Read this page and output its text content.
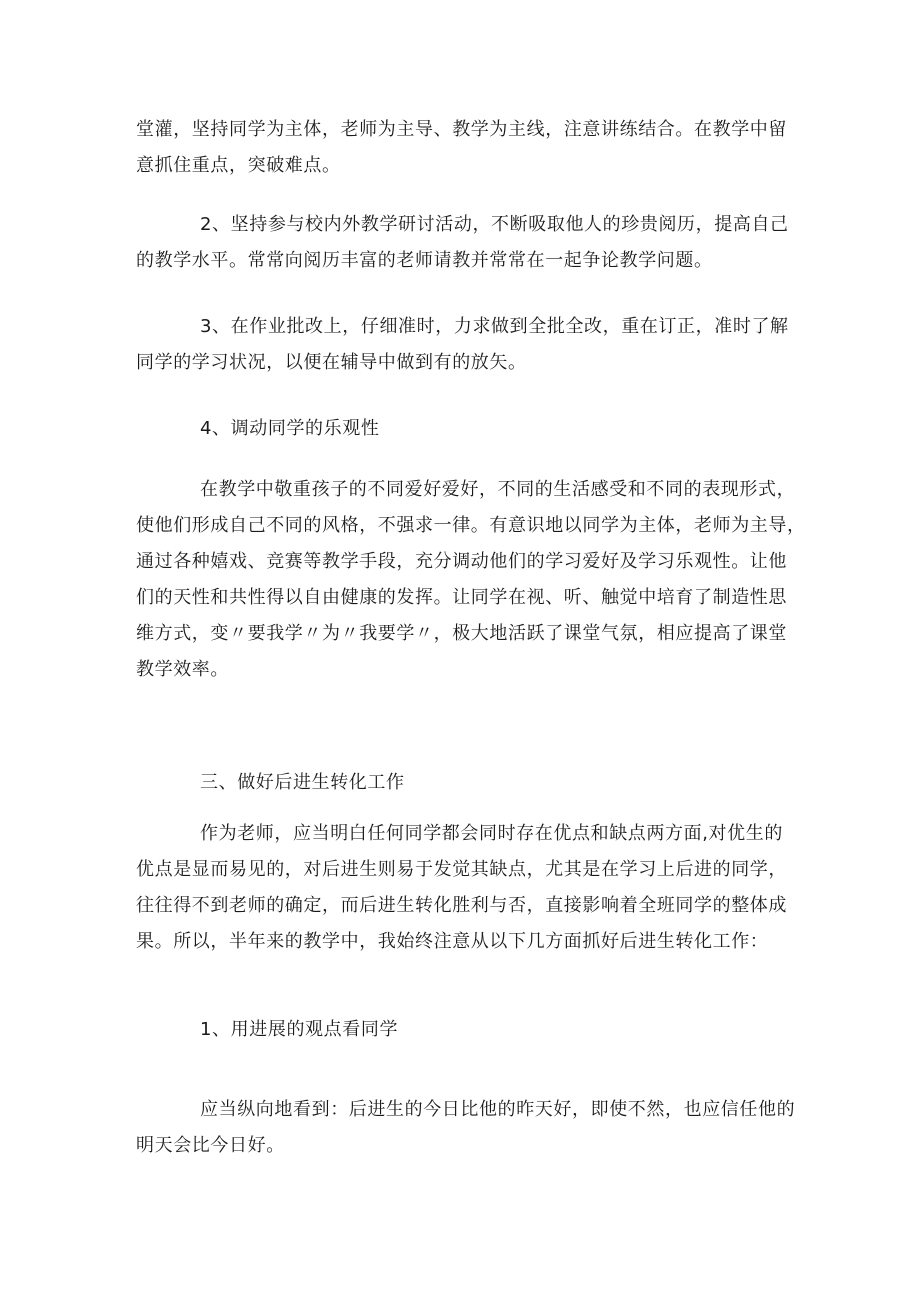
堂灌，坚持同学为主体，老师为主导、教学为主线，注意讲练结合。在教学中留
意抓住重点，突破难点。
2、坚持参与校内外教学研讨活动，不断吸取他人的珍贵阅历，提高自己
的教学水平。常常向阅历丰富的老师请教并常常在一起争论教学问题。
3、在作业批改上，仔细准时，力求做到全批全改，重在订正，准时了解
同学的学习状况，以便在辅导中做到有的放矢。
4、调动同学的乐观性
在教学中敬重孩子的不同爱好爱好，不同的生活感受和不同的表现形式，
使他们形成自己不同的风格，不强求一律。有意识地以同学为主体，老师为主导，
通过各种嬉戏、竞赛等教学手段，充分调动他们的学习爱好及学习乐观性。让他
们的天性和共性得以自由健康的发挥。让同学在视、听、触觉中培育了制造性思
维方式，变〃要我学〃为〃我要学〃，极大地活跃了课堂气氛，相应提高了课堂
教学效率。
三、做好后进生转化工作
作为老师，应当明白任何同学都会同时存在优点和缺点两方面,对优生的
优点是显而易见的，对后进生则易于发觉其缺点，尤其是在学习上后进的同学，
往往得不到老师的确定，而后进生转化胜利与否，直接影响着全班同学的整体成
果。所以，半年来的教学中，我始终注意从以下几方面抓好后进生转化工作：
1、用进展的观点看同学
应当纵向地看到：后进生的今日比他的昨天好，即使不然，也应信任他的
明天会比今日好。
